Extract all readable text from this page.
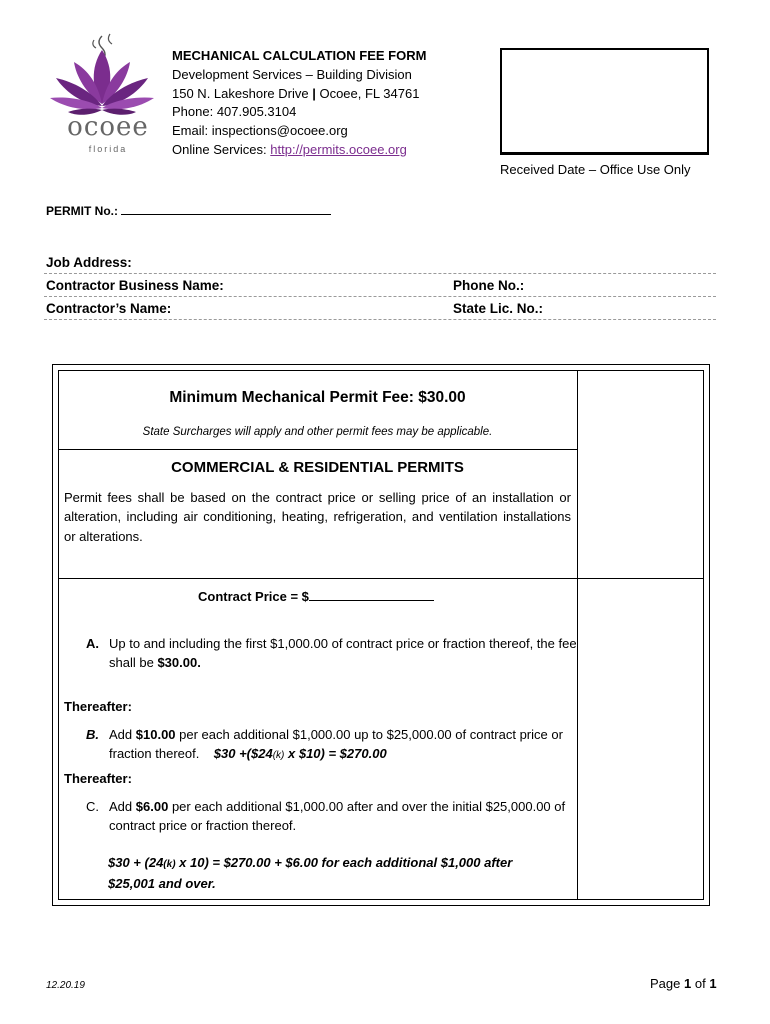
ocoee
florida
MECHANICAL CALCULATION FEE FORM
Development Services – Building Division
150 N. Lakeshore Drive | Ocoee, FL 34761
Phone: 407.905.3104
Email: inspections@ocoee.org
Online Services: http://permits.ocoee.org
Received Date – Office Use Only
PERMIT No.:
Job Address:
Contractor Business Name:	Phone No.:
Contractor’s Name:	State Lic. No.:
Minimum Mechanical Permit Fee: $30.00
State Surcharges will apply and other permit fees may be applicable.
COMMERCIAL & RESIDENTIAL PERMITS
Permit fees shall be based on the contract price or selling price of an installation or alteration, including air conditioning, heating, refrigeration, and ventilation installations or alterations.
Contract Price = $
A. Up to and including the first $1,000.00 of contract price or fraction thereof, the fee shall be $30.00.
Thereafter:
B. Add $10.00 per each additional $1,000.00 up to $25,000.00 of contract price or fraction thereof. $30 +($24(k) x $10) = $270.00
Thereafter:
C. Add $6.00 per each additional $1,000.00 after and over the initial $25,000.00 of contract price or fraction thereof.
$30 + (24(k) x 10) = $270.00 + $6.00 for each additional $1,000 after $25,001 and over.
12.20.19	Page 1 of 1
